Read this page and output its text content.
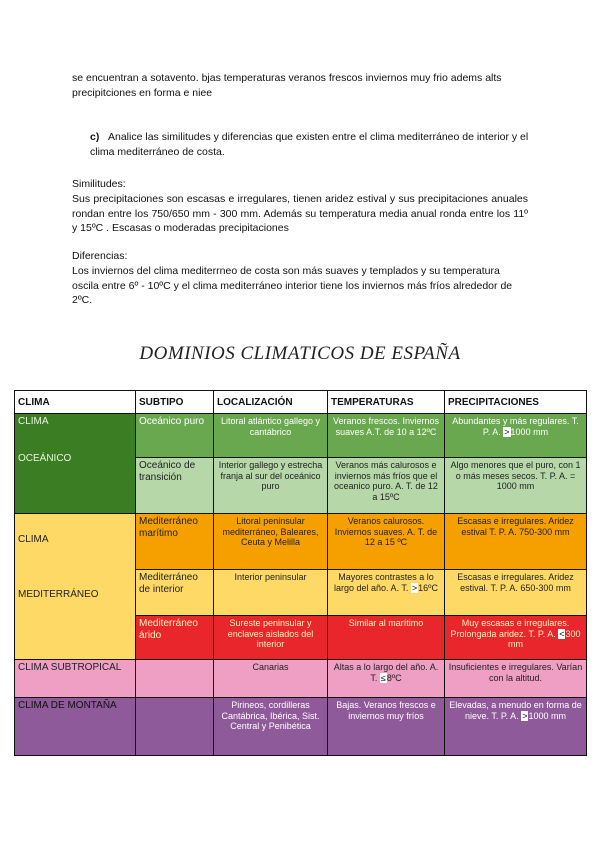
se encuentran a sotavento. bjas temperaturas veranos frescos inviernos muy frio adems alts precipitciones en forma e niee
c) Analice las similitudes y diferencias que existen entre el clima mediterráneo de interior y el clima mediterráneo de costa.
Similitudes:
Sus precipitaciones son escasas e irregulares, tienen aridez estival y sus precipitaciones anuales rondan entre los 750/650 mm - 300 mm. Además su temperatura media anual ronda entre los 11º y 15ºC . Escasas o moderadas precipitaciones
Diferencias:
Los inviernos del clima mediterrneo de costa son más suaves y templados y su temperatura oscila entre 6º - 10ºC y el clima mediterráneo interior tiene los inviernos más fríos alrededor de 2ºC.
DOMINIOS CLIMATICOS DE ESPAÑA
CLIMA	SUBTIPO	LOCALIZACIÓN	TEMPERATURAS	PRECIPITACIONES

CLIMA
OCEÁNICO	Oceánico puro	Litoral atlántico gallego y cantábrico	Veranos frescos. Inviernos suaves A.T. de 10 a 12ºC	Abundantes y más regulares. T. P. A. >1000 mm
	Oceánico de transición	Interior gallego y estrecha franja al sur del oceánico puro	Veranos más calurosos e inviernos más fríos que el oceanico puro. A. T. de 12 a 15ºC	Algo menores que el puro, con 1 o más meses secos. T. P. A. = 1000 mm

CLIMA
MEDITERRÁNEO	Mediterráneo marítimo	Litoral peninsular mediterráneo, Baleares, Ceuta y Melilla	Veranos calurosos. Inviernos suaves. A. T. de 12 a 15 ºC	Escasas e irregulares. Aridez estival T. P. A. 750-300 mm
	Mediterráneo de interior	Interior peninsular	Mayores contrastes a lo largo del año. A. T. >16ºC	Escasas e irregulares. Aridez estival. T. P. A. 650-300 mm
	Mediterráneo árido	Sureste peninsular y enclaves aislados del interior	Similar al marítimo	Muy escasas e irregulares. Prolongada aridez. T. P. A. <300 mm
CLIMA SUBTROPICAL		Canarias	Altas a lo largo del año. A. T. ≤8ºC	Insuficientes e irregulares. Varían con la altitud.
CLIMA DE MONTAÑA		Pirineos, cordilleras Cantábrica, Ibérica, Sist. Central y Penibética	Bajas. Veranos frescos e inviernos muy fríos	Elevadas, a menudo en forma de nieve. T. P. A. >1000 mm
